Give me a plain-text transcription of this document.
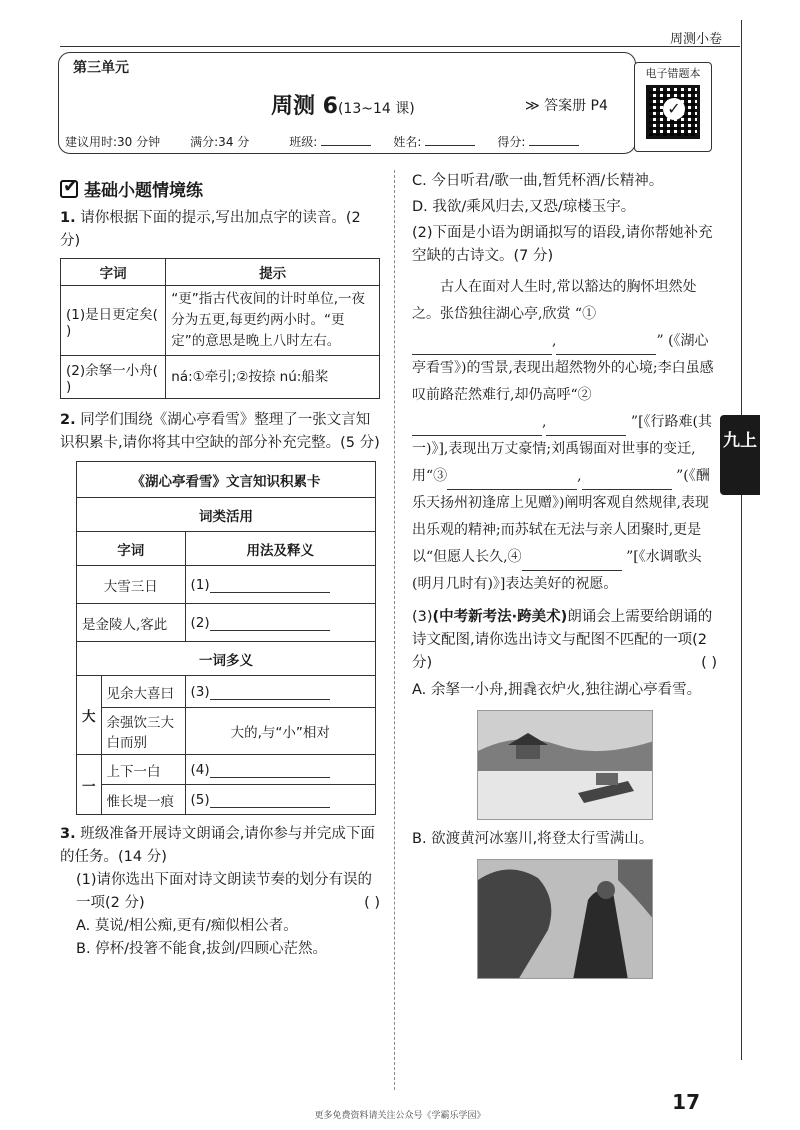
周测小卷
第三单元
周测 6(13~14 课)	≫ 答案册 P4
建议用时:30 分钟	满分:34 分	班级:	姓名:	得分:
电子错题本
✓
✔
基础小题情境练

1. 请你根据下面的提示,写出加点字的读音。(2 分)

字词	提示
(1)是日更定矣( )	“更”指古代夜间的计时单位,一夜分为五更,每更约两小时。“更定”的意思是晚上八时左右。
(2)余拏一小舟( )	ná:①牵引;②按捺 nú:船桨

2. 同学们围绕《湖心亭看雪》整理了一张文言知识积累卡,请你将其中空缺的部分补充完整。(5 分)

《湖心亭看雪》文言知识积累卡		
词类活用		
字词		用法及释义
大雪三日		(1)
是金陵人,客此		(2)
一词多义		
大	见余大喜曰	(3)
	余强饮三大白而别	大的,与“小”相对
一	上下一白	(4)
	惟长堤一痕	(5)

3. 班级准备开展诗文朗诵会,请你参与并完成下面的任务。(14 分)

(1)请你选出下面对诗文朗读节奏的划分有误的一项(2 分)	( )

A. 莫说/相公痴,更有/痴似相公者。

B. 停杯/投箸不能食,拔剑/四顾心茫然。

C. 今日听君/歌一曲,暂凭杯酒/长精神。

D. 我欲/乘风归去,又恐/琼楼玉宇。

(2)下面是小语为朗诵拟写的语段,请你帮她补充空缺的古诗文。(7 分)

古人在面对人生时,常以豁达的胸怀坦然处之。张岱独往湖心亭,欣赏 “①,	” (《湖心亭看雪》)的雪景,表现出超然物外的心境;李白虽感叹前路茫然难行,却仍高呼“②,	”[《行路难(其一)》],表现出万丈豪情;刘禹锡面对世事的变迁,用“③	,	”(《酬乐天扬州初逢席上见赠》)阐明客观自然规律,表现出乐观的精神;而苏轼在无法与亲人团聚时,更是以“但愿人长久,④	”[《水调歌头(明月几时有)》]表达美好的祝愿。

(3)(中考新考法·跨美术)朗诵会上需要给朗诵的诗文配图,请你选出诗文与配图不匹配的一项(2 分)	( )

A. 余拏一小舟,拥毳衣炉火,独往湖心亭看雪。

B. 欲渡黄河冰塞川,将登太行雪满山。

九上
17
更多免费资料请关注公众号《学霸乐学园》
